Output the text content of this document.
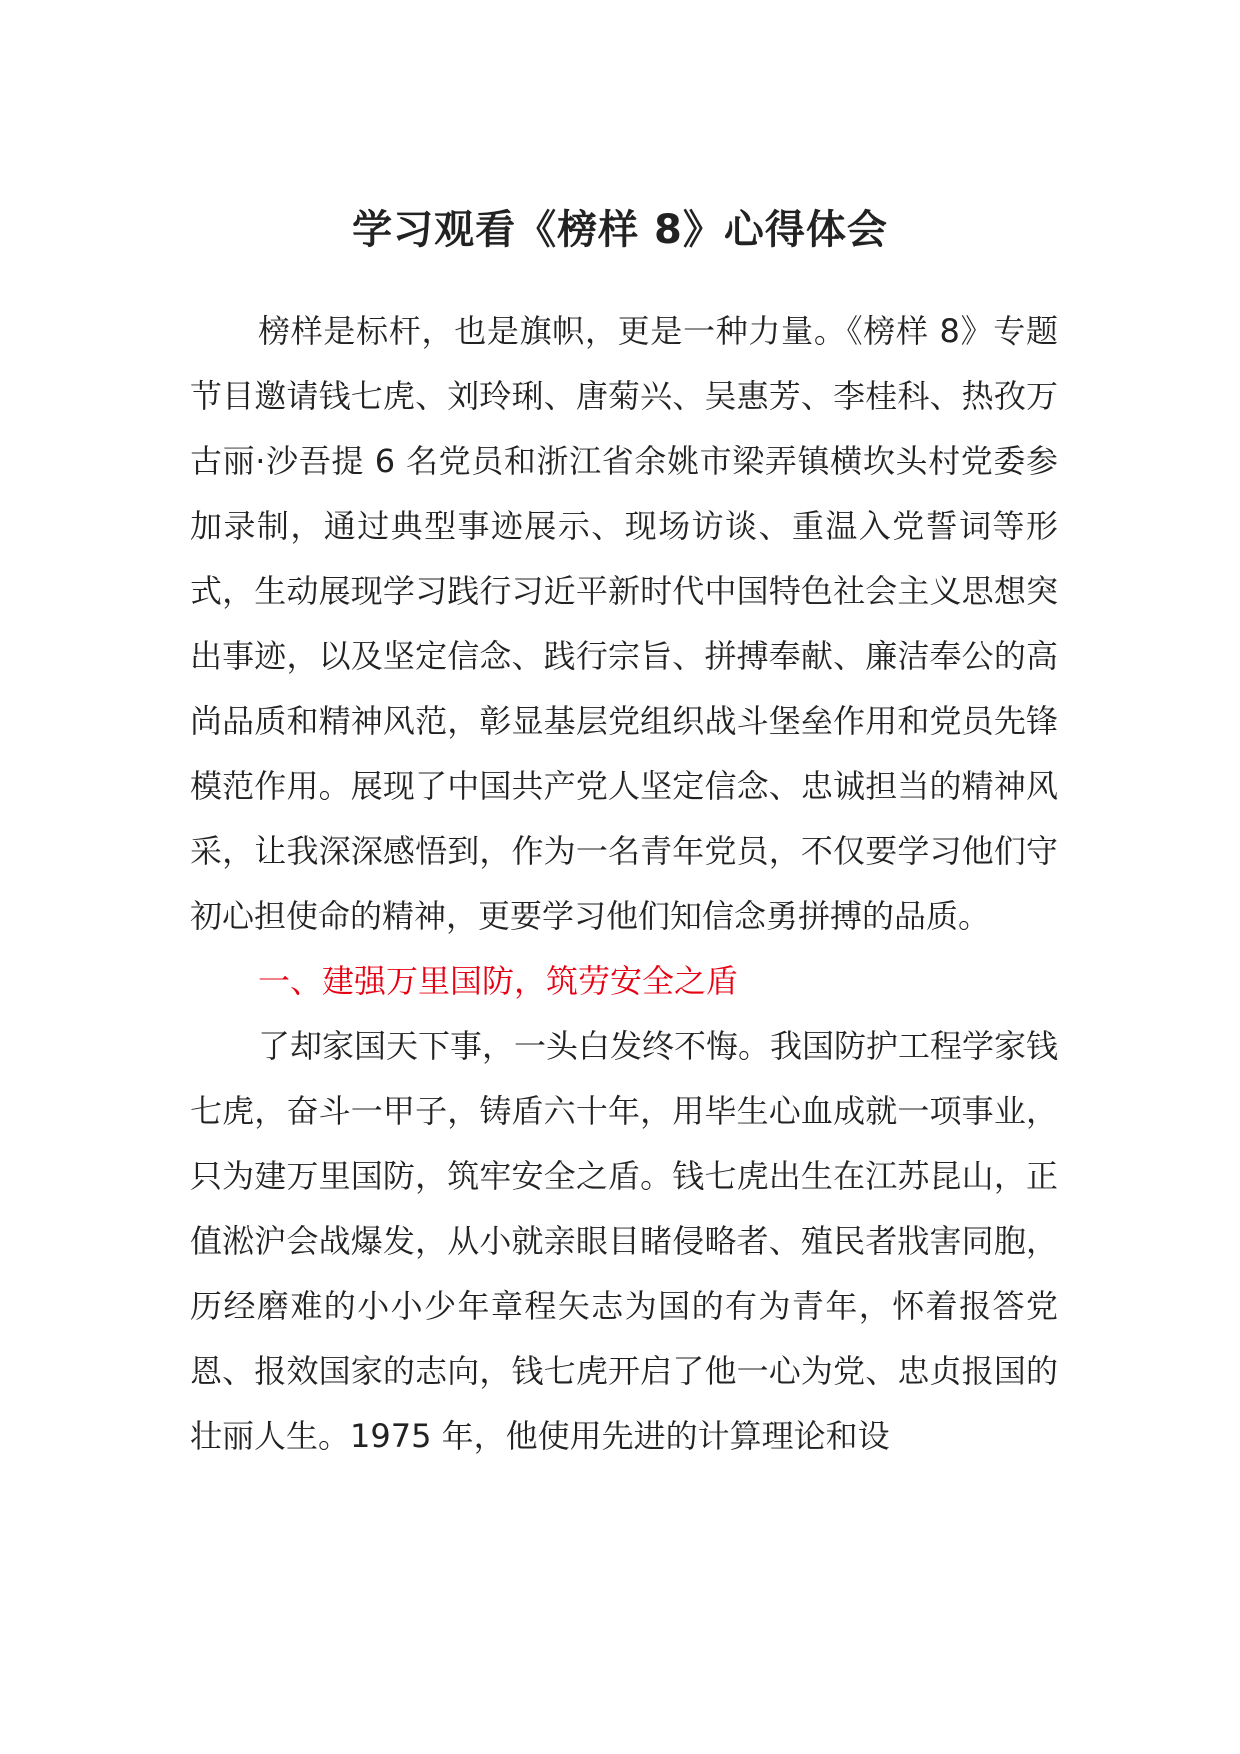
学习观看《榜样 8》心得体会

榜样是标杆，也是旗帜，更是一种力量。《榜样 8》专题节目邀请钱七虎、刘玲琍、唐菊兴、吴惠芳、李桂科、热孜万古丽·沙吾提 6 名党员和浙江省余姚市梁弄镇横坎头村党委参加录制，通过典型事迹展示、现场访谈、重温入党誓词等形式，生动展现学习践行习近平新时代中国特色社会主义思想突出事迹，以及坚定信念、践行宗旨、拼搏奉献、廉洁奉公的高尚品质和精神风范，彰显基层党组织战斗堡垒作用和党员先锋模范作用。展现了中国共产党人坚定信念、忠诚担当的精神风采，让我深深感悟到，作为一名青年党员，不仅要学习他们守初心担使命的精神，更要学习他们知信念勇拼搏的品质。

一、建强万里国防，筑劳安全之盾

了却家国天下事，一头白发终不悔。我国防护工程学家钱七虎，奋斗一甲子，铸盾六十年，用毕生心血成就一项事业，只为建万里国防，筑牢安全之盾。钱七虎出生在江苏昆山，正值淞沪会战爆发，从小就亲眼目睹侵略者、殖民者戕害同胞，历经磨难的小小少年章程矢志为国的有为青年，怀着报答党恩、报效国家的志向，钱七虎开启了他一心为党、忠贞报国的壮丽人生。1975 年，他使用先进的计算理论和设
